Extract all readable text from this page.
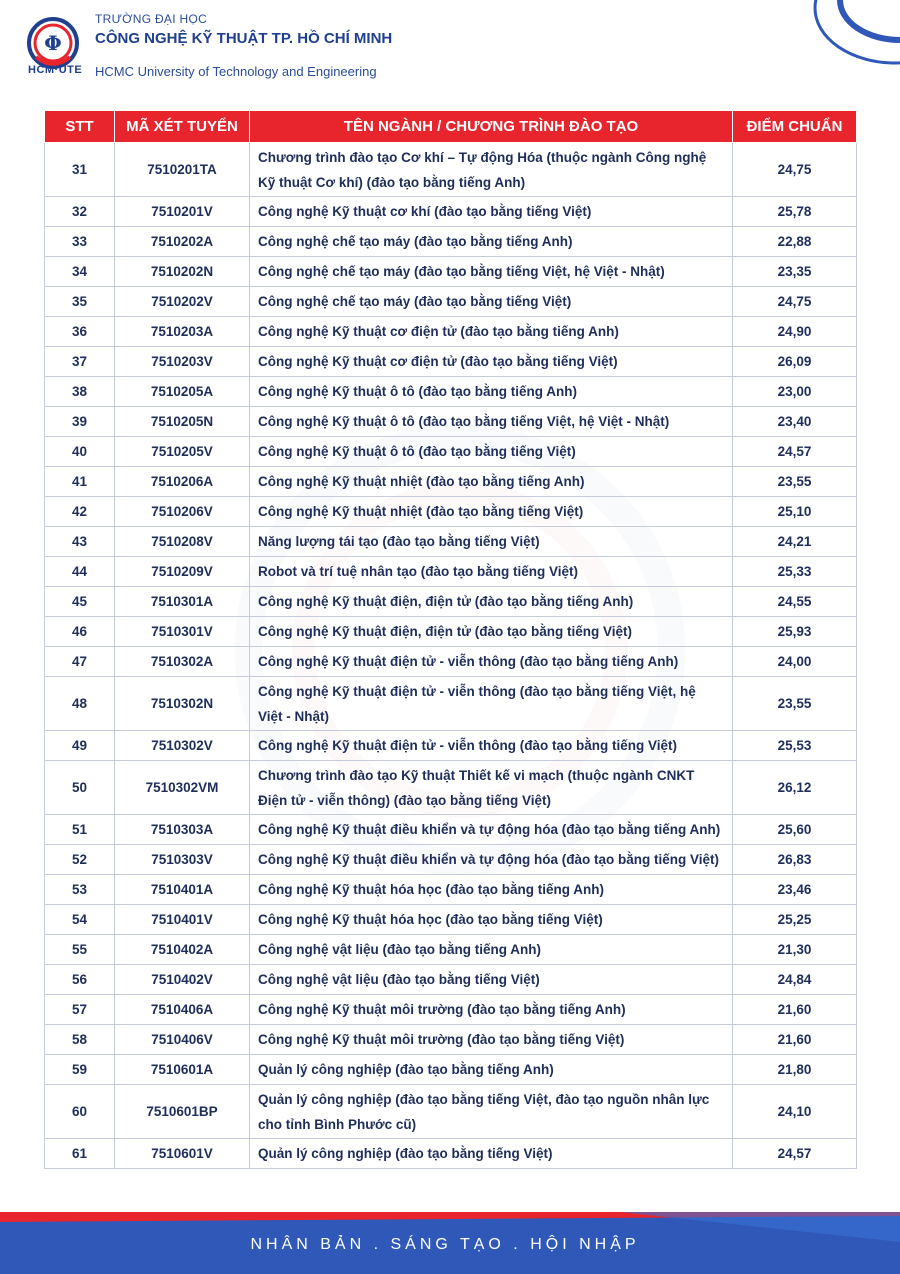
Φ
HCM·UTE
TRƯỜNG ĐẠI HỌC
CÔNG NGHỆ KỸ THUẬT TP. HỒ CHÍ MINH
HCMC University of Technology and Engineering
STT	MÃ XÉT TUYỂN	TÊN NGÀNH / CHƯƠNG TRÌNH ĐÀO TẠO	ĐIỂM CHUẨN
31	7510201TA	Chương trình đào tạo Cơ khí – Tự động Hóa (thuộc ngành Công nghệ Kỹ thuật Cơ khí) (đào tạo bằng tiếng Anh)	24,75
32	7510201V	Công nghệ Kỹ thuật cơ khí (đào tạo bằng tiếng Việt)	25,78
33	7510202A	Công nghệ chế tạo máy (đào tạo bằng tiếng Anh)	22,88
34	7510202N	Công nghệ chế tạo máy (đào tạo bằng tiếng Việt, hệ Việt - Nhật)	23,35
35	7510202V	Công nghệ chế tạo máy (đào tạo bằng tiếng Việt)	24,75
36	7510203A	Công nghệ Kỹ thuật cơ điện tử (đào tạo bằng tiếng Anh)	24,90
37	7510203V	Công nghệ Kỹ thuật cơ điện tử (đào tạo bằng tiếng Việt)	26,09
38	7510205A	Công nghệ Kỹ thuật ô tô (đào tạo bằng tiếng Anh)	23,00
39	7510205N	Công nghệ Kỹ thuật ô tô (đào tạo bằng tiếng Việt, hệ Việt - Nhật)	23,40
40	7510205V	Công nghệ Kỹ thuật ô tô (đào tạo bằng tiếng Việt)	24,57
41	7510206A	Công nghệ Kỹ thuật nhiệt (đào tạo bằng tiếng Anh)	23,55
42	7510206V	Công nghệ Kỹ thuật nhiệt (đào tạo bằng tiếng Việt)	25,10
43	7510208V	Năng lượng tái tạo (đào tạo bằng tiếng Việt)	24,21
44	7510209V	Robot và trí tuệ nhân tạo (đào tạo bằng tiếng Việt)	25,33
45	7510301A	Công nghệ Kỹ thuật điện, điện tử (đào tạo bằng tiếng Anh)	24,55
46	7510301V	Công nghệ Kỹ thuật điện, điện tử (đào tạo bằng tiếng Việt)	25,93
47	7510302A	Công nghệ Kỹ thuật điện tử - viễn thông (đào tạo bằng tiếng Anh)	24,00
48	7510302N	Công nghệ Kỹ thuật điện tử - viễn thông (đào tạo bằng tiếng Việt, hệ Việt - Nhật)	23,55
49	7510302V	Công nghệ Kỹ thuật điện tử - viễn thông (đào tạo bằng tiếng Việt)	25,53
50	7510302VM	Chương trình đào tạo Kỹ thuật Thiết kế vi mạch (thuộc ngành CNKT Điện tử - viễn thông) (đào tạo bằng tiếng Việt)	26,12
51	7510303A	Công nghệ Kỹ thuật điều khiển và tự động hóa (đào tạo bằng tiếng Anh)	25,60
52	7510303V	Công nghệ Kỹ thuật điều khiển và tự động hóa (đào tạo bằng tiếng Việt)	26,83
53	7510401A	Công nghệ Kỹ thuật hóa học (đào tạo bằng tiếng Anh)	23,46
54	7510401V	Công nghệ Kỹ thuật hóa học (đào tạo bằng tiếng Việt)	25,25
55	7510402A	Công nghệ vật liệu (đào tạo bằng tiếng Anh)	21,30
56	7510402V	Công nghệ vật liệu (đào tạo bằng tiếng Việt)	24,84
57	7510406A	Công nghệ Kỹ thuật môi trường (đào tạo bằng tiếng Anh)	21,60
58	7510406V	Công nghệ Kỹ thuật môi trường (đào tạo bằng tiếng Việt)	21,60
59	7510601A	Quản lý công nghiệp (đào tạo bằng tiếng Anh)	21,80
60	7510601BP	Quản lý công nghiệp (đào tạo bằng tiếng Việt, đào tạo nguồn nhân lực cho tỉnh Bình Phước cũ)	24,10
61	7510601V	Quản lý công nghiệp (đào tạo bằng tiếng Việt)	24,57
NHÂN BẢN . SÁNG TẠO . HỘI NHẬP
